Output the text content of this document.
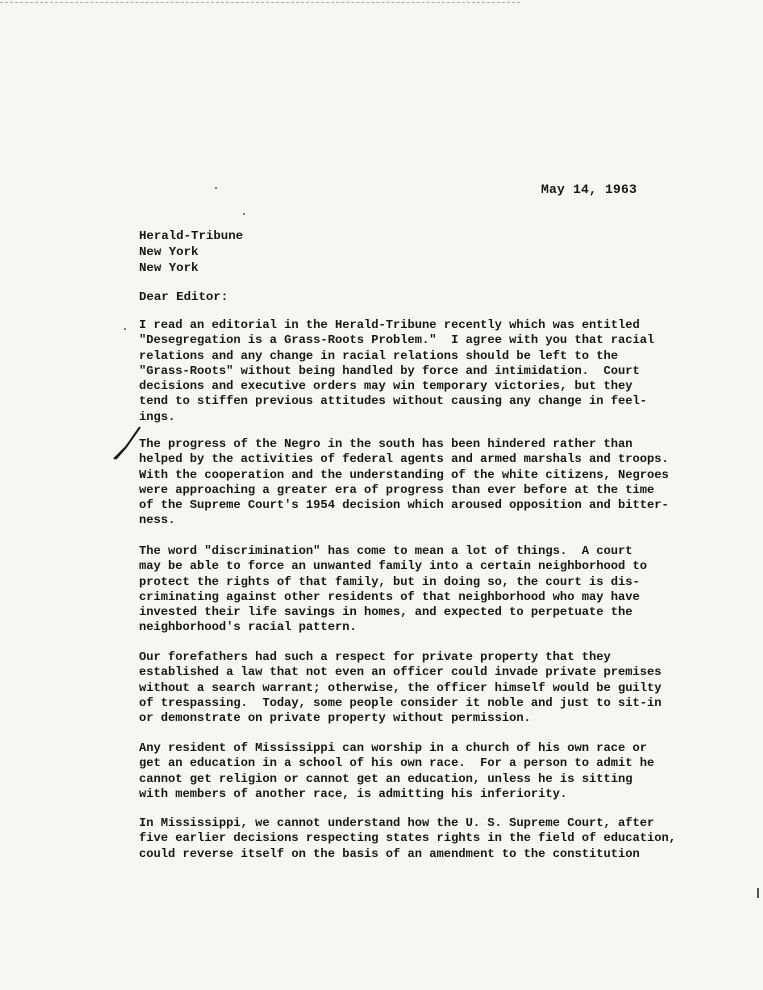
May 14, 1963
Herald-Tribune
New York
New York
Dear Editor:

I read an editorial in the Herald-Tribune recently which was entitled
"Desegregation is a Grass-Roots Problem."  I agree with you that racial
relations and any change in racial relations should be left to the
"Grass-Roots" without being handled by force and intimidation.  Court
decisions and executive orders may win temporary victories, but they
tend to stiffen previous attitudes without causing any change in feel-
ings.

The progress of the Negro in the south has been hindered rather than
helped by the activities of federal agents and armed marshals and troops.
With the cooperation and the understanding of the white citizens, Negroes
were approaching a greater era of progress than ever before at the time
of the Supreme Court's 1954 decision which aroused opposition and bitter-
ness.

The word "discrimination" has come to mean a lot of things.  A court
may be able to force an unwanted family into a certain neighborhood to
protect the rights of that family, but in doing so, the court is dis-
criminating against other residents of that neighborhood who may have
invested their life savings in homes, and expected to perpetuate the
neighborhood's racial pattern.

Our forefathers had such a respect for private property that they
established a law that not even an officer could invade private premises
without a search warrant; otherwise, the officer himself would be guilty
of trespassing.  Today, some people consider it noble and just to sit-in
or demonstrate on private property without permission.

Any resident of Mississippi can worship in a church of his own race or
get an education in a school of his own race.  For a person to admit he
cannot get religion or cannot get an education, unless he is sitting
with members of another race, is admitting his inferiority.

In Mississippi, we cannot understand how the U. S. Supreme Court, after
five earlier decisions respecting states rights in the field of education,
could reverse itself on the basis of an amendment to the constitution
